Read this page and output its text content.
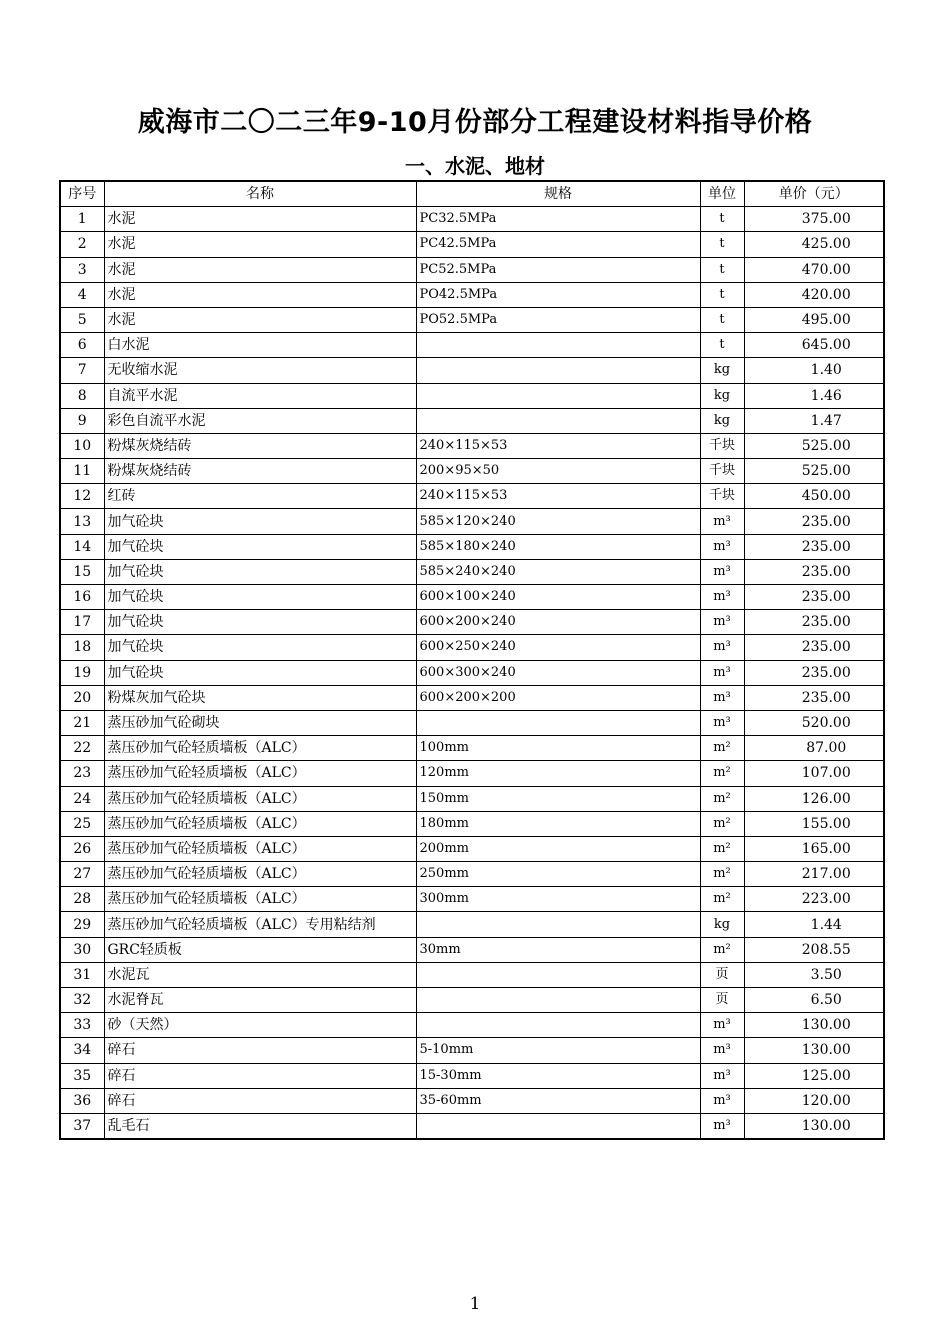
威海市二〇二三年9-10月份部分工程建设材料指导价格
一、水泥、地材
序号	名称	规格	单位	单价（元）
1	水泥	PC32.5MPa	t	375.00
2	水泥	PC42.5MPa	t	425.00
3	水泥	PC52.5MPa	t	470.00
4	水泥	PO42.5MPa	t	420.00
5	水泥	PO52.5MPa	t	495.00
6	白水泥		t	645.00
7	无收缩水泥		kg	1.40
8	自流平水泥		kg	1.46
9	彩色自流平水泥		kg	1.47
10	粉煤灰烧结砖	240×115×53	千块	525.00
11	粉煤灰烧结砖	200×95×50	千块	525.00
12	红砖	240×115×53	千块	450.00
13	加气砼块	585×120×240	m³	235.00
14	加气砼块	585×180×240	m³	235.00
15	加气砼块	585×240×240	m³	235.00
16	加气砼块	600×100×240	m³	235.00
17	加气砼块	600×200×240	m³	235.00
18	加气砼块	600×250×240	m³	235.00
19	加气砼块	600×300×240	m³	235.00
20	粉煤灰加气砼块	600×200×200	m³	235.00
21	蒸压砂加气砼砌块		m³	520.00
22	蒸压砂加气砼轻质墙板（ALC）	100mm	m²	87.00
23	蒸压砂加气砼轻质墙板（ALC）	120mm	m²	107.00
24	蒸压砂加气砼轻质墙板（ALC）	150mm	m²	126.00
25	蒸压砂加气砼轻质墙板（ALC）	180mm	m²	155.00
26	蒸压砂加气砼轻质墙板（ALC）	200mm	m²	165.00
27	蒸压砂加气砼轻质墙板（ALC）	250mm	m²	217.00
28	蒸压砂加气砼轻质墙板（ALC）	300mm	m²	223.00
29	蒸压砂加气砼轻质墙板（ALC）专用粘结剂		kg	1.44
30	GRC轻质板	30mm	m²	208.55
31	水泥瓦		页	3.50
32	水泥脊瓦		页	6.50
33	砂（天然）		m³	130.00
34	碎石	5-10mm	m³	130.00
35	碎石	15-30mm	m³	125.00
36	碎石	35-60mm	m³	120.00
37	乱毛石		m³	130.00
1
